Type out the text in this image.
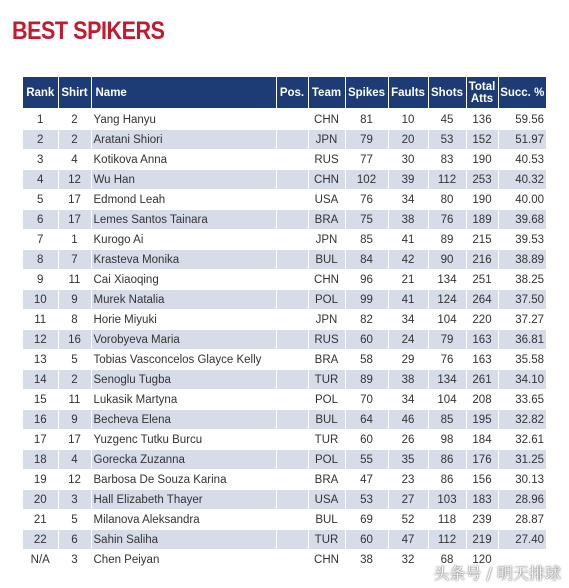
BEST SPIKERS
Rank	Shirt	Name	Pos.	Team	Spikes	Faults	Shots	Total Atts	Succ. %
1	2	Yang Hanyu		CHN	81	10	45	136	59.56
2	2	Aratani Shiori		JPN	79	20	53	152	51.97
3	4	Kotikova Anna		RUS	77	30	83	190	40.53
4	12	Wu Han		CHN	102	39	112	253	40.32
5	17	Edmond Leah		USA	76	34	80	190	40.00
6	17	Lemes Santos Tainara		BRA	75	38	76	189	39.68
7	1	Kurogo Ai		JPN	85	41	89	215	39.53
8	7	Krasteva Monika		BUL	84	42	90	216	38.89
9	11	Cai Xiaoqing		CHN	96	21	134	251	38.25
10	9	Murek Natalia		POL	99	41	124	264	37.50
11	8	Horie Miyuki		JPN	82	34	104	220	37.27
12	16	Vorobyeva Maria		RUS	60	24	79	163	36.81
13	5	Tobias Vasconcelos Glayce Kelly		BRA	58	29	76	163	35.58
14	2	Senoglu Tugba		TUR	89	38	134	261	34.10
15	11	Lukasik Martyna		POL	70	34	104	208	33.65
16	9	Becheva Elena		BUL	64	46	85	195	32.82
17	17	Yuzgenc Tutku Burcu		TUR	60	26	98	184	32.61
18	4	Gorecka Zuzanna		POL	55	35	86	176	31.25
19	12	Barbosa De Souza Karina		BRA	47	23	86	156	30.13
20	3	Hall Elizabeth Thayer		USA	53	27	103	183	28.96
21	5	Milanova Aleksandra		BUL	69	52	118	239	28.87
22	6	Sahin Saliha		TUR	60	47	112	219	27.40
N/A	3	Chen Peiyan		CHN	38	32	68	120	
头条号 / 明天排球
